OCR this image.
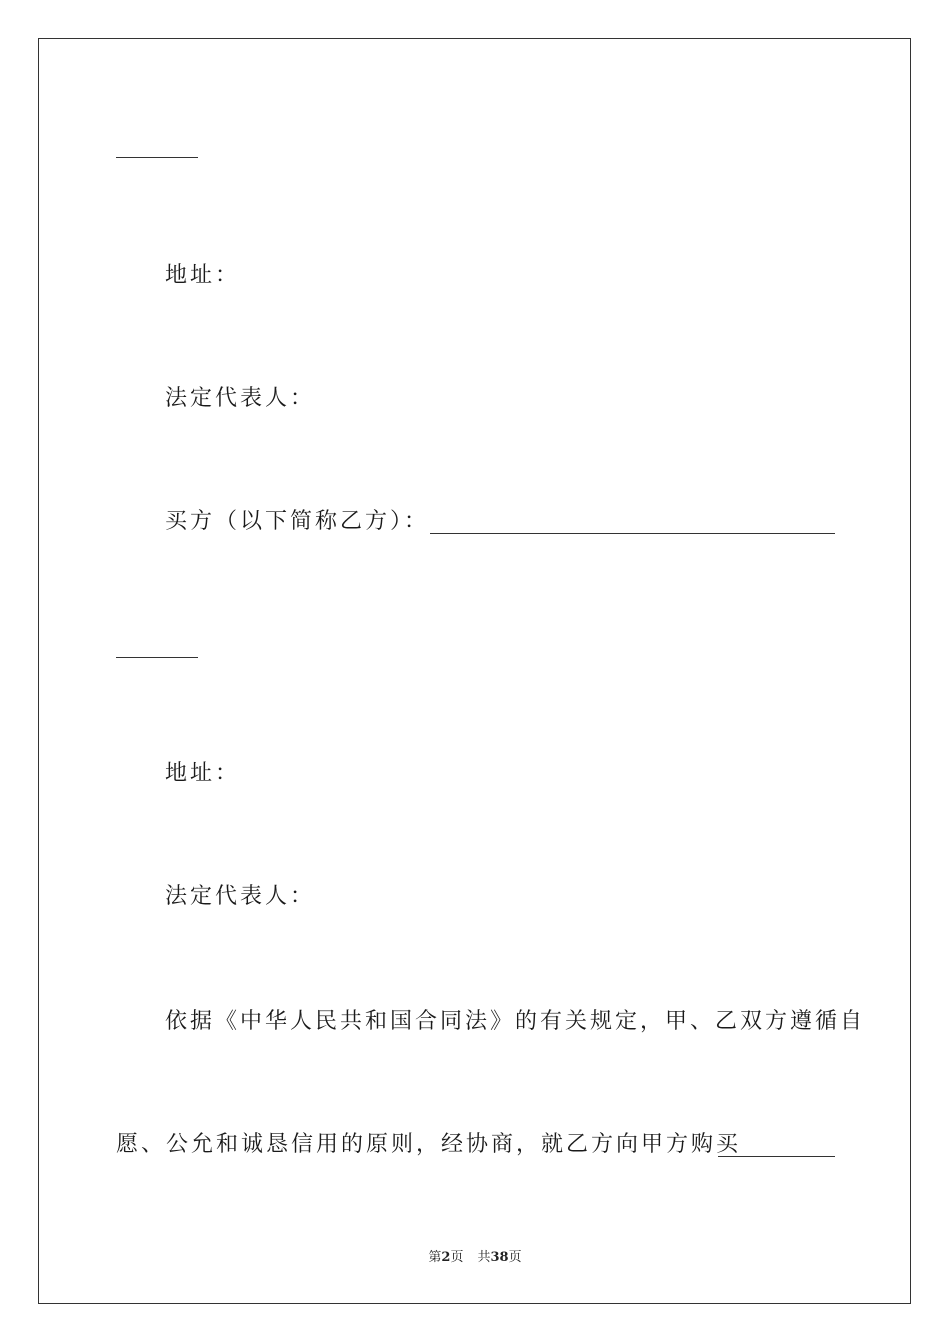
地址：
法定代表人：
买方（以下简称乙方）：
地址：
法定代表人：
依据《中华人民共和国合同法》的有关规定，甲、乙双方遵循自
愿、公允和诚恳信用的原则，经协商，就乙方向甲方购买
第2页 共38页
